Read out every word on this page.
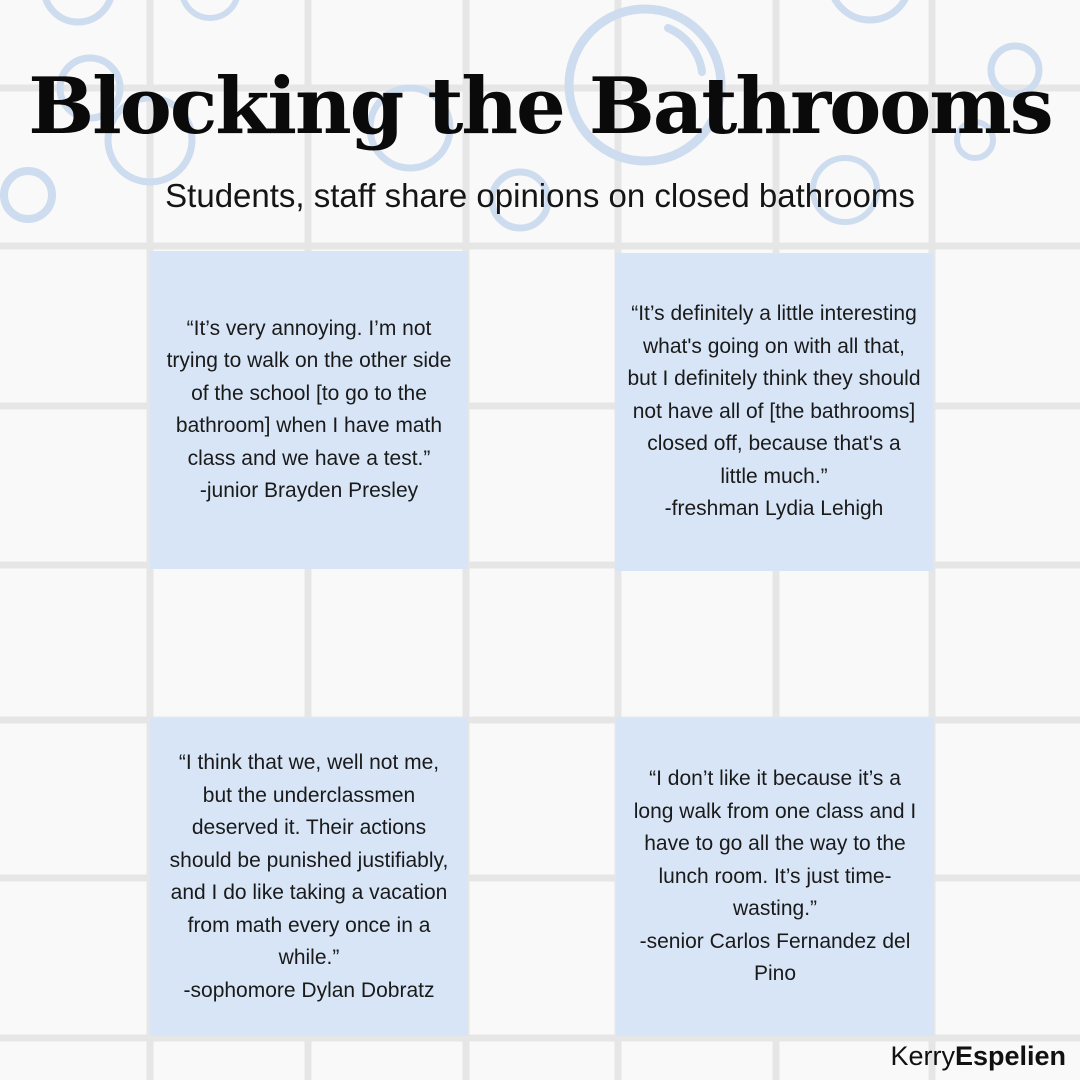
Blocking the Bathrooms
Students, staff share opinions on closed bathrooms

“It’s very annoying. I’m not trying to walk on the other side of the school [to go to the bathroom] when I have math class and we have a test.”

-junior Brayden Presley

“It’s definitely a little interesting what's going on with all that, but I definitely think they should not have all of [the bathrooms] closed off, because that's a little much.”

-freshman Lydia Lehigh

“I think that we, well not me, but the underclassmen deserved it. Their actions should be punished justifiably, and I do like taking a vacation from math every once in a while.”

-sophomore Dylan Dobratz

“I don’t like it because it’s a long walk from one class and I have to go all the way to the lunch room. It’s just time-wasting.”

-senior Carlos Fernandez del Pino

KerryEspelien
